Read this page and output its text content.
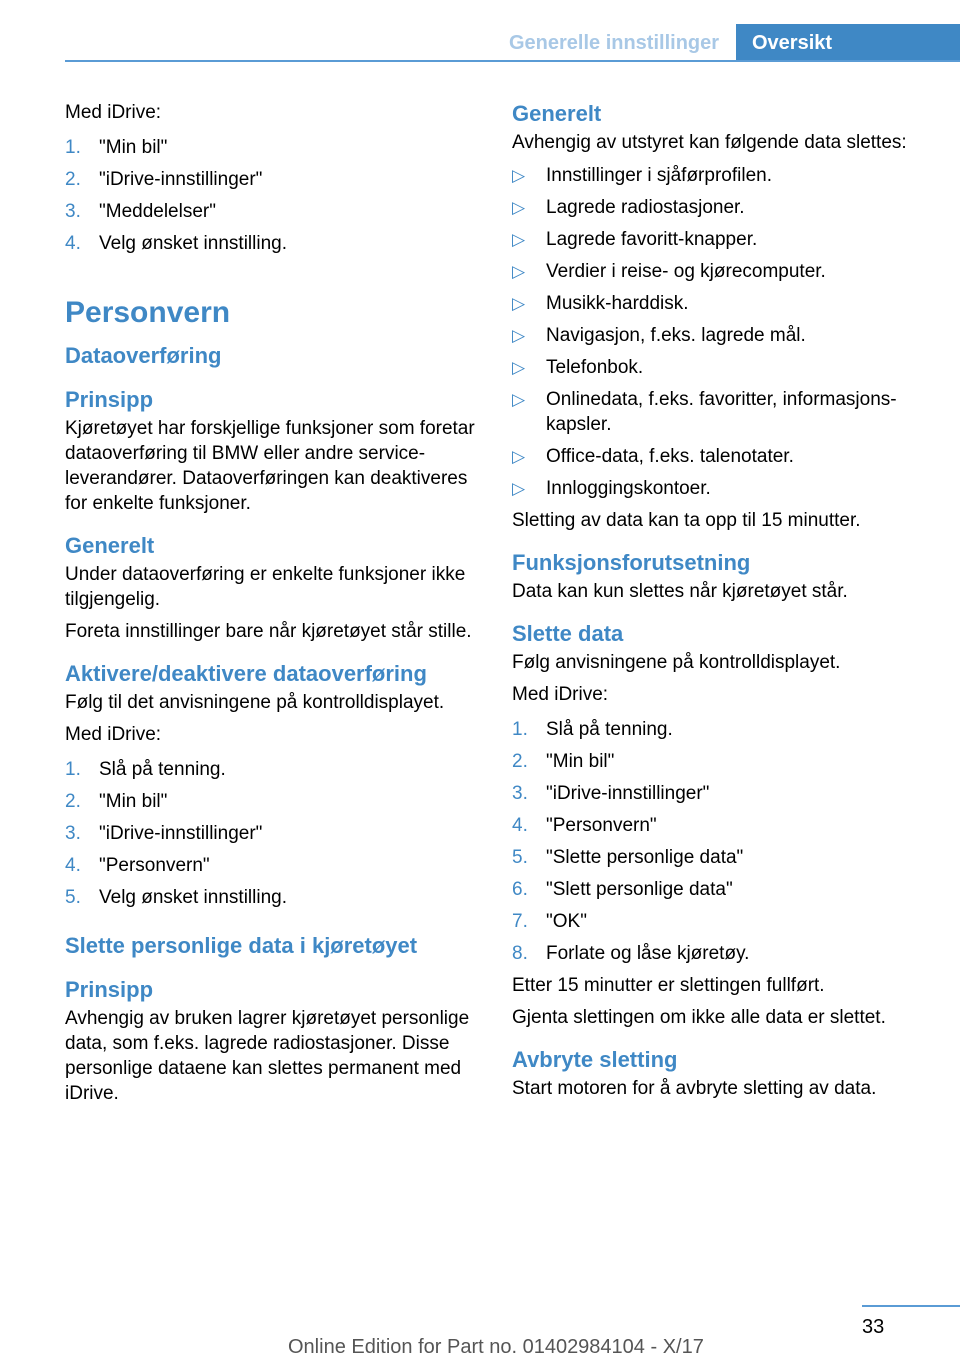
Generelle innstillinger	Oversikt

Med iDrive:

1. "Min bil"
2. "iDrive-innstillinger"
3. "Meddelelser"
4. Velg ønsket innstilling.
Personvern
Dataoverføring
Prinsipp

Kjøretøyet har forskjellige funksjoner som foretar dataoverføring til BMW eller andre serviceleverandører. Dataoverføringen kan deaktiveres for enkelte funksjoner.

Generelt

Under dataoverføring er enkelte funksjoner ikke tilgjengelig.

Foreta innstillinger bare når kjøretøyet står stille.

Aktivere/deaktivere dataoverføring

Følg til det anvisningene på kontrolldisplayet.

Med iDrive:

1. Slå på tenning.
2. "Min bil"
3. "iDrive-innstillinger"
4. "Personvern"
5. Velg ønsket innstilling.
Slette personlige data i kjøretøyet
Prinsipp

Avhengig av bruken lagrer kjøretøyet personlige data, som f.eks. lagrede radiostasjoner. Disse personlige dataene kan slettes permanent med iDrive.

Generelt

Avhengig av utstyret kan følgende data slettes:

▷ Innstillinger i sjåførprofilen.
▷ Lagrede radiostasjoner.
▷ Lagrede favoritt-knapper.
▷ Verdier i reise- og kjørecomputer.
▷ Musikk-harddisk.
▷ Navigasjon, f.eks. lagrede mål.
▷ Telefonbok.
▷ Onlinedata, f.eks. favoritter, informasjonskapsler.
▷ Office-data, f.eks. talenotater.
▷ Innloggingskontoer.

Sletting av data kan ta opp til 15 minutter.

Funksjonsforutsetning

Data kan kun slettes når kjøretøyet står.

Slette data

Følg anvisningene på kontrolldisplayet.

Med iDrive:

1. Slå på tenning.
2. "Min bil"
3. "iDrive-innstillinger"
4. "Personvern"
5. "Slette personlige data"
6. "Slett personlige data"
7. "OK"
8. Forlate og låse kjøretøy.

Etter 15 minutter er slettingen fullført.

Gjenta slettingen om ikke alle data er slettet.

Avbryte sletting

Start motoren for å avbryte sletting av data.

33
Online Edition for Part no. 01402984104 - X/17
